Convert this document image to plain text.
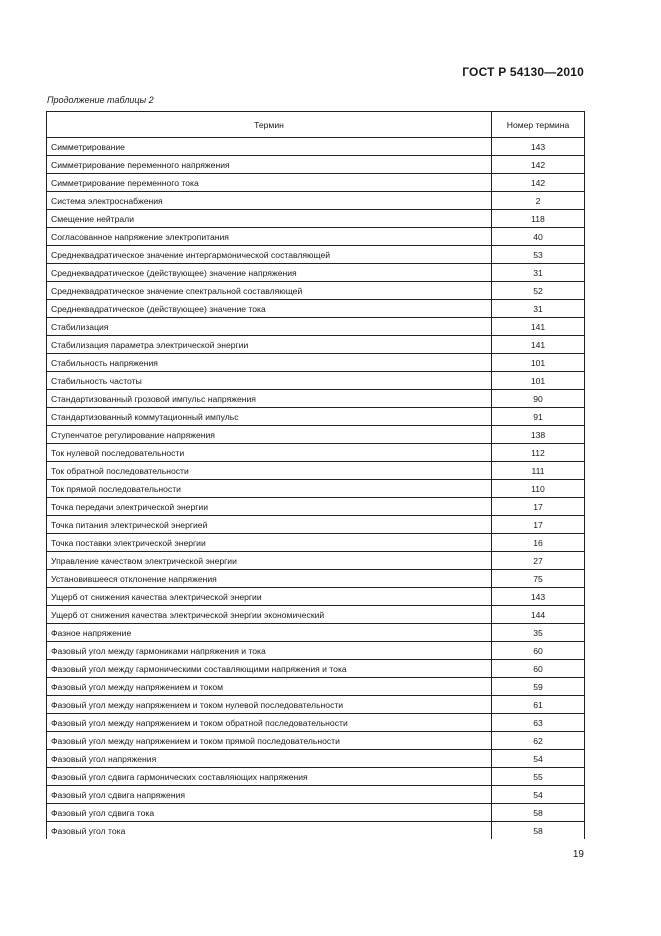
ГОСТ Р 54130—2010
Продолжение таблицы 2
Термин	Номер термина
Симметрирование	143
Симметрирование переменного напряжения	142
Симметрирование переменного тока	142
Система электроснабжения	2
Смещение нейтрали	118
Согласованное напряжение электропитания	40
Среднеквадратическое значение интергармонической составляющей	53
Среднеквадратическое (действующее) значение напряжения	31
Среднеквадратическое значение спектральной составляющей	52
Среднеквадратическое (действующее) значение тока	31
Стабилизация	141
Стабилизация параметра электрической энергии	141
Стабильность напряжения	101
Стабильность частоты	101
Стандартизованный грозовой импульс напряжения	90
Стандартизованный коммутационный импульс	91
Ступенчатое регулирование напряжения	138
Ток нулевой последовательности	112
Ток обратной последовательности	111
Ток прямой последовательности	110
Точка передачи электрической энергии	17
Точка питания электрической энергией	17
Точка поставки электрической энергии	16
Управление качеством электрической энергии	27
Установившееся отклонение напряжения	75
Ущерб от снижения качества электрической энергии	143
Ущерб от снижения качества электрической энергии экономический	144
Фазное напряжение	35
Фазовый угол между гармониками напряжения и тока	60
Фазовый угол между гармоническими составляющими напряжения и тока	60
Фазовый угол между напряжением и током	59
Фазовый угол между напряжением и током нулевой последовательности	61
Фазовый угол между напряжением и током обратной последовательности	63
Фазовый угол между напряжением и током прямой последовательности	62
Фазовый угол напряжения	54
Фазовый угол сдвига гармонических составляющих напряжения	55
Фазовый угол сдвига напряжения	54
Фазовый угол сдвига тока	58
Фазовый угол тока	58
19
